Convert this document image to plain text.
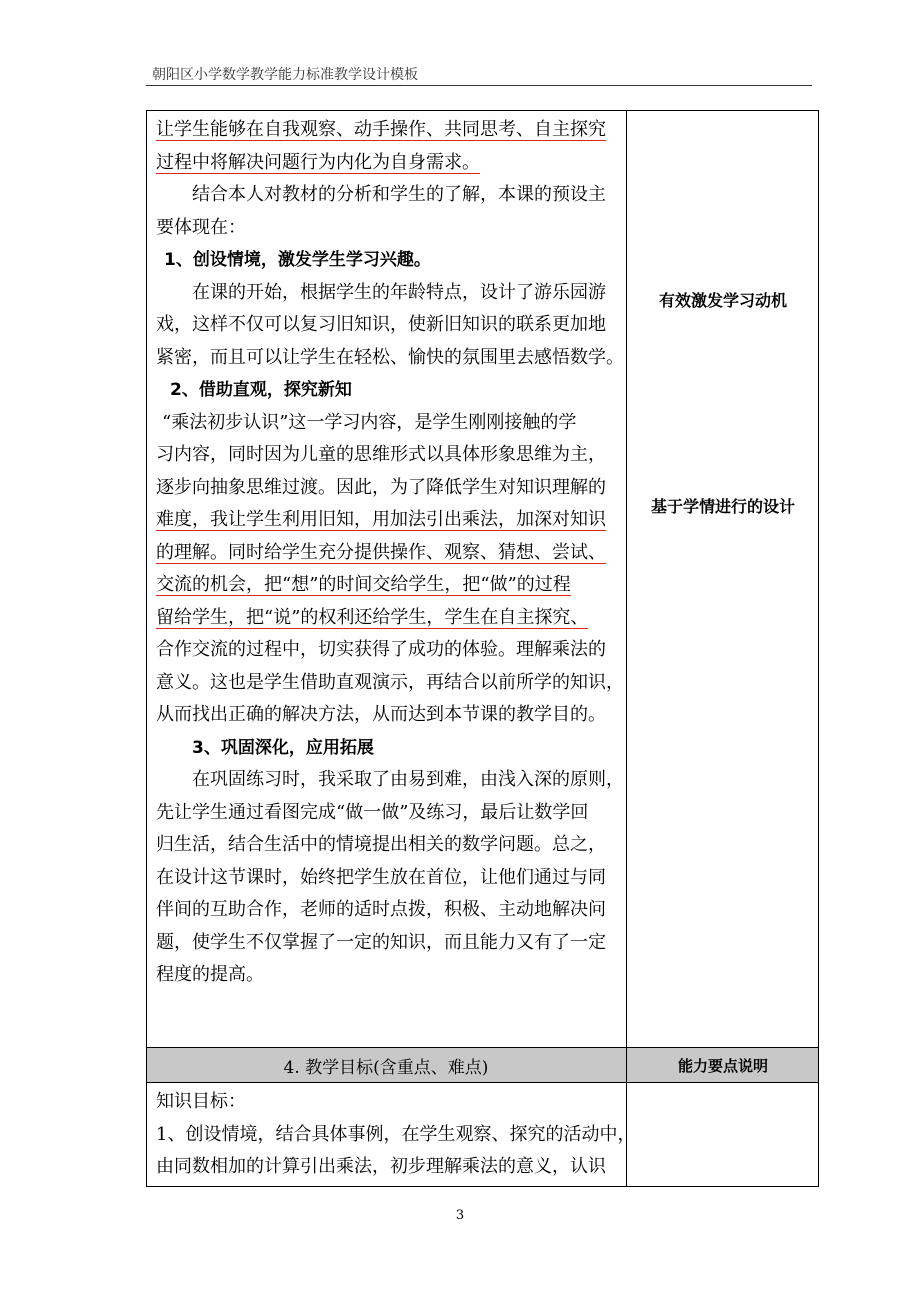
朝阳区小学数学教学能力标准教学设计模板

让学生能够在自我观察、动手操作、共同思考、自主探究

过程中将解决问题行为内化为自身需求。

结合本人对教材的分析和学生的了解，本课的预设主

要体现在：

1、创设情境，激发学生学习兴趣。

在课的开始，根据学生的年龄特点，设计了游乐园游

戏，这样不仅可以复习旧知识，使新旧知识的联系更加地

紧密，而且可以让学生在轻松、愉快的氛围里去感悟数学。

2、借助直观，探究新知

“乘法初步认识”这一学习内容，是学生刚刚接触的学

习内容，同时因为儿童的思维形式以具体形象思维为主，

逐步向抽象思维过渡。因此，为了降低学生对知识理解的

难度，我让学生利用旧知，用加法引出乘法，加深对知识

的理解。同时给学生充分提供操作、观察、猜想、尝试、

交流的机会，把“想”的时间交给学生，把“做”的过程

留给学生，把“说”的权利还给学生，学生在自主探究、

合作交流的过程中，切实获得了成功的体验。理解乘法的

意义。这也是学生借助直观演示，再结合以前所学的知识，

从而找出正确的解决方法，从而达到本节课的教学目的。

3、巩固深化，应用拓展

在巩固练习时，我采取了由易到难，由浅入深的原则，

先让学生通过看图完成“做一做”及练习，最后让数学回

归生活，结合生活中的情境提出相关的数学问题。总之，

在设计这节课时，始终把学生放在首位，让他们通过与同

伴间的互助合作，老师的适时点拨，积极、主动地解决问

题，使学生不仅掌握了一定的知识，而且能力又有了一定

程度的提高。

有效激发学习动机
基于学情进行的设计
4. 教学目标(含重点、难点)	能力要点说明

知识目标：

1、创设情境，结合具体事例，在学生观察、探究的活动中，

由同数相加的计算引出乘法，初步理解乘法的意义，认识

3
